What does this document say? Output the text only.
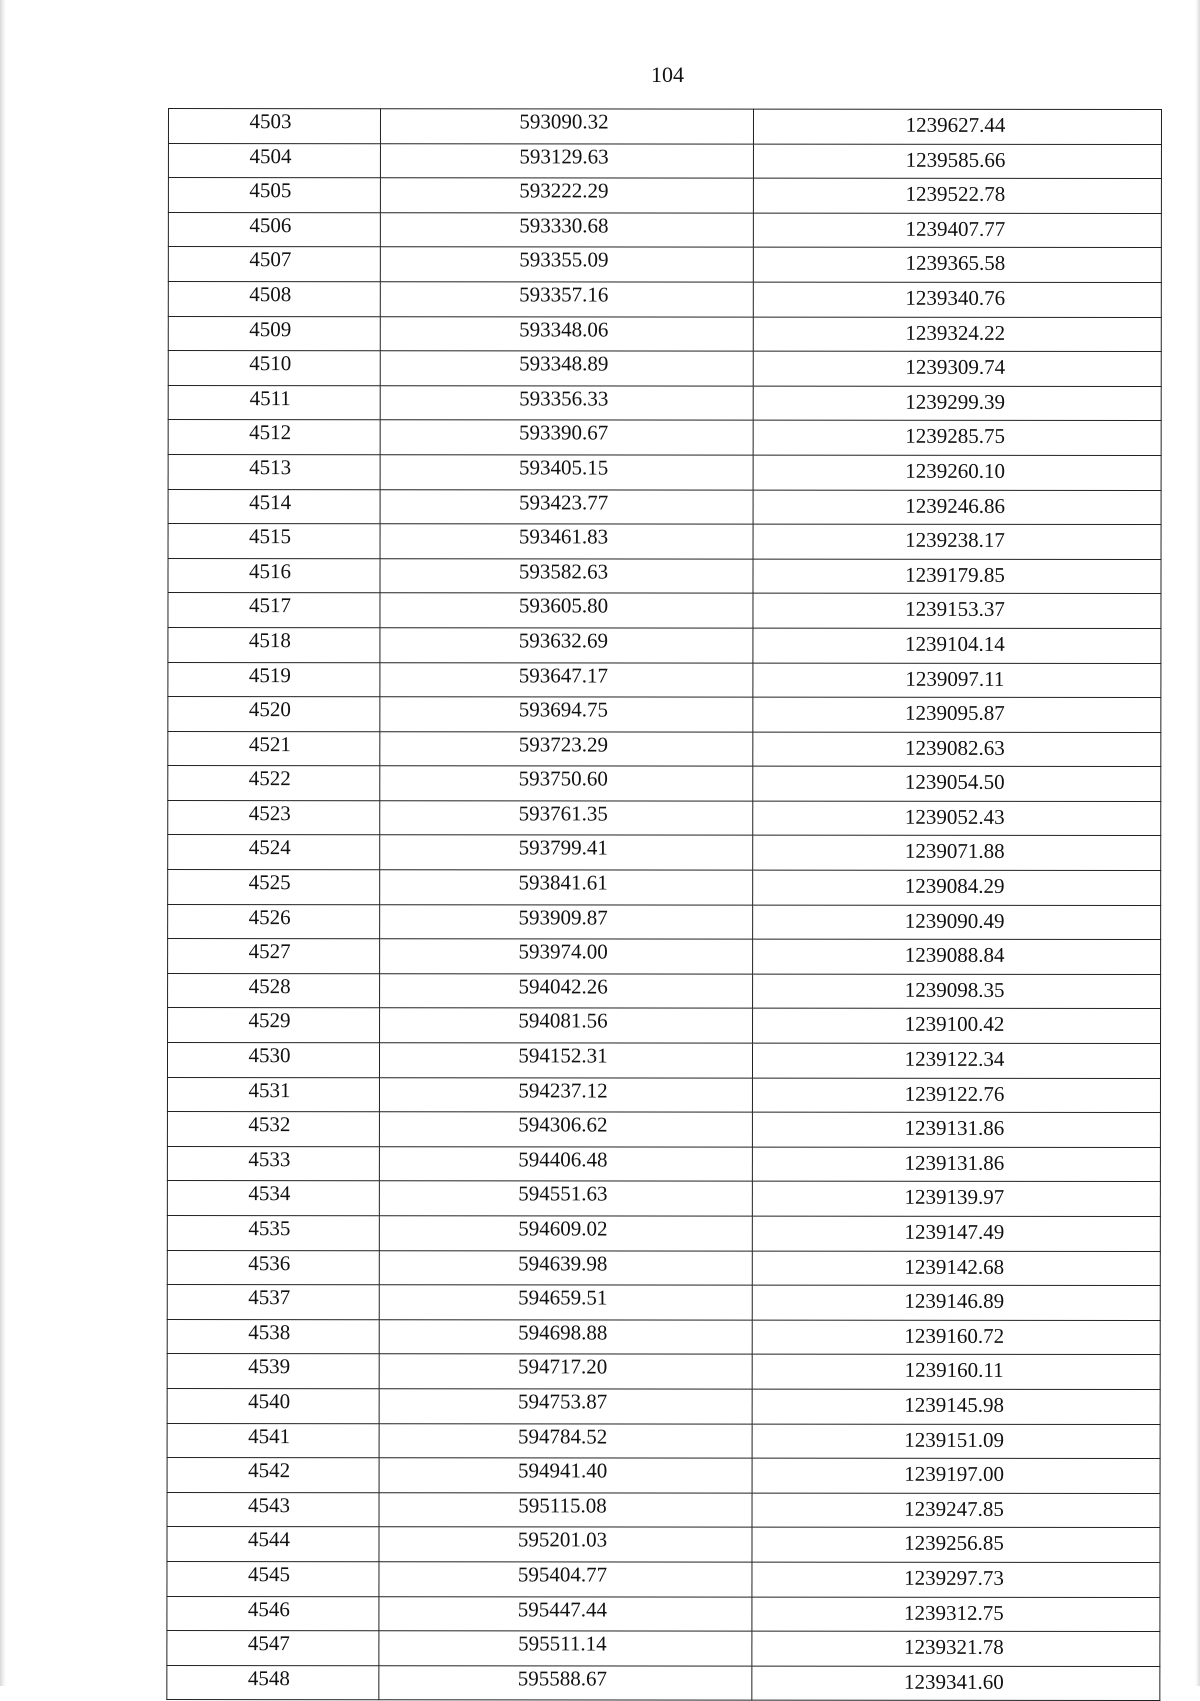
104
4503	593090.32	1239627.44
4504	593129.63	1239585.66
4505	593222.29	1239522.78
4506	593330.68	1239407.77
4507	593355.09	1239365.58
4508	593357.16	1239340.76
4509	593348.06	1239324.22
4510	593348.89	1239309.74
4511	593356.33	1239299.39
4512	593390.67	1239285.75
4513	593405.15	1239260.10
4514	593423.77	1239246.86
4515	593461.83	1239238.17
4516	593582.63	1239179.85
4517	593605.80	1239153.37
4518	593632.69	1239104.14
4519	593647.17	1239097.11
4520	593694.75	1239095.87
4521	593723.29	1239082.63
4522	593750.60	1239054.50
4523	593761.35	1239052.43
4524	593799.41	1239071.88
4525	593841.61	1239084.29
4526	593909.87	1239090.49
4527	593974.00	1239088.84
4528	594042.26	1239098.35
4529	594081.56	1239100.42
4530	594152.31	1239122.34
4531	594237.12	1239122.76
4532	594306.62	1239131.86
4533	594406.48	1239131.86
4534	594551.63	1239139.97
4535	594609.02	1239147.49
4536	594639.98	1239142.68
4537	594659.51	1239146.89
4538	594698.88	1239160.72
4539	594717.20	1239160.11
4540	594753.87	1239145.98
4541	594784.52	1239151.09
4542	594941.40	1239197.00
4543	595115.08	1239247.85
4544	595201.03	1239256.85
4545	595404.77	1239297.73
4546	595447.44	1239312.75
4547	595511.14	1239321.78
4548	595588.67	1239341.60
